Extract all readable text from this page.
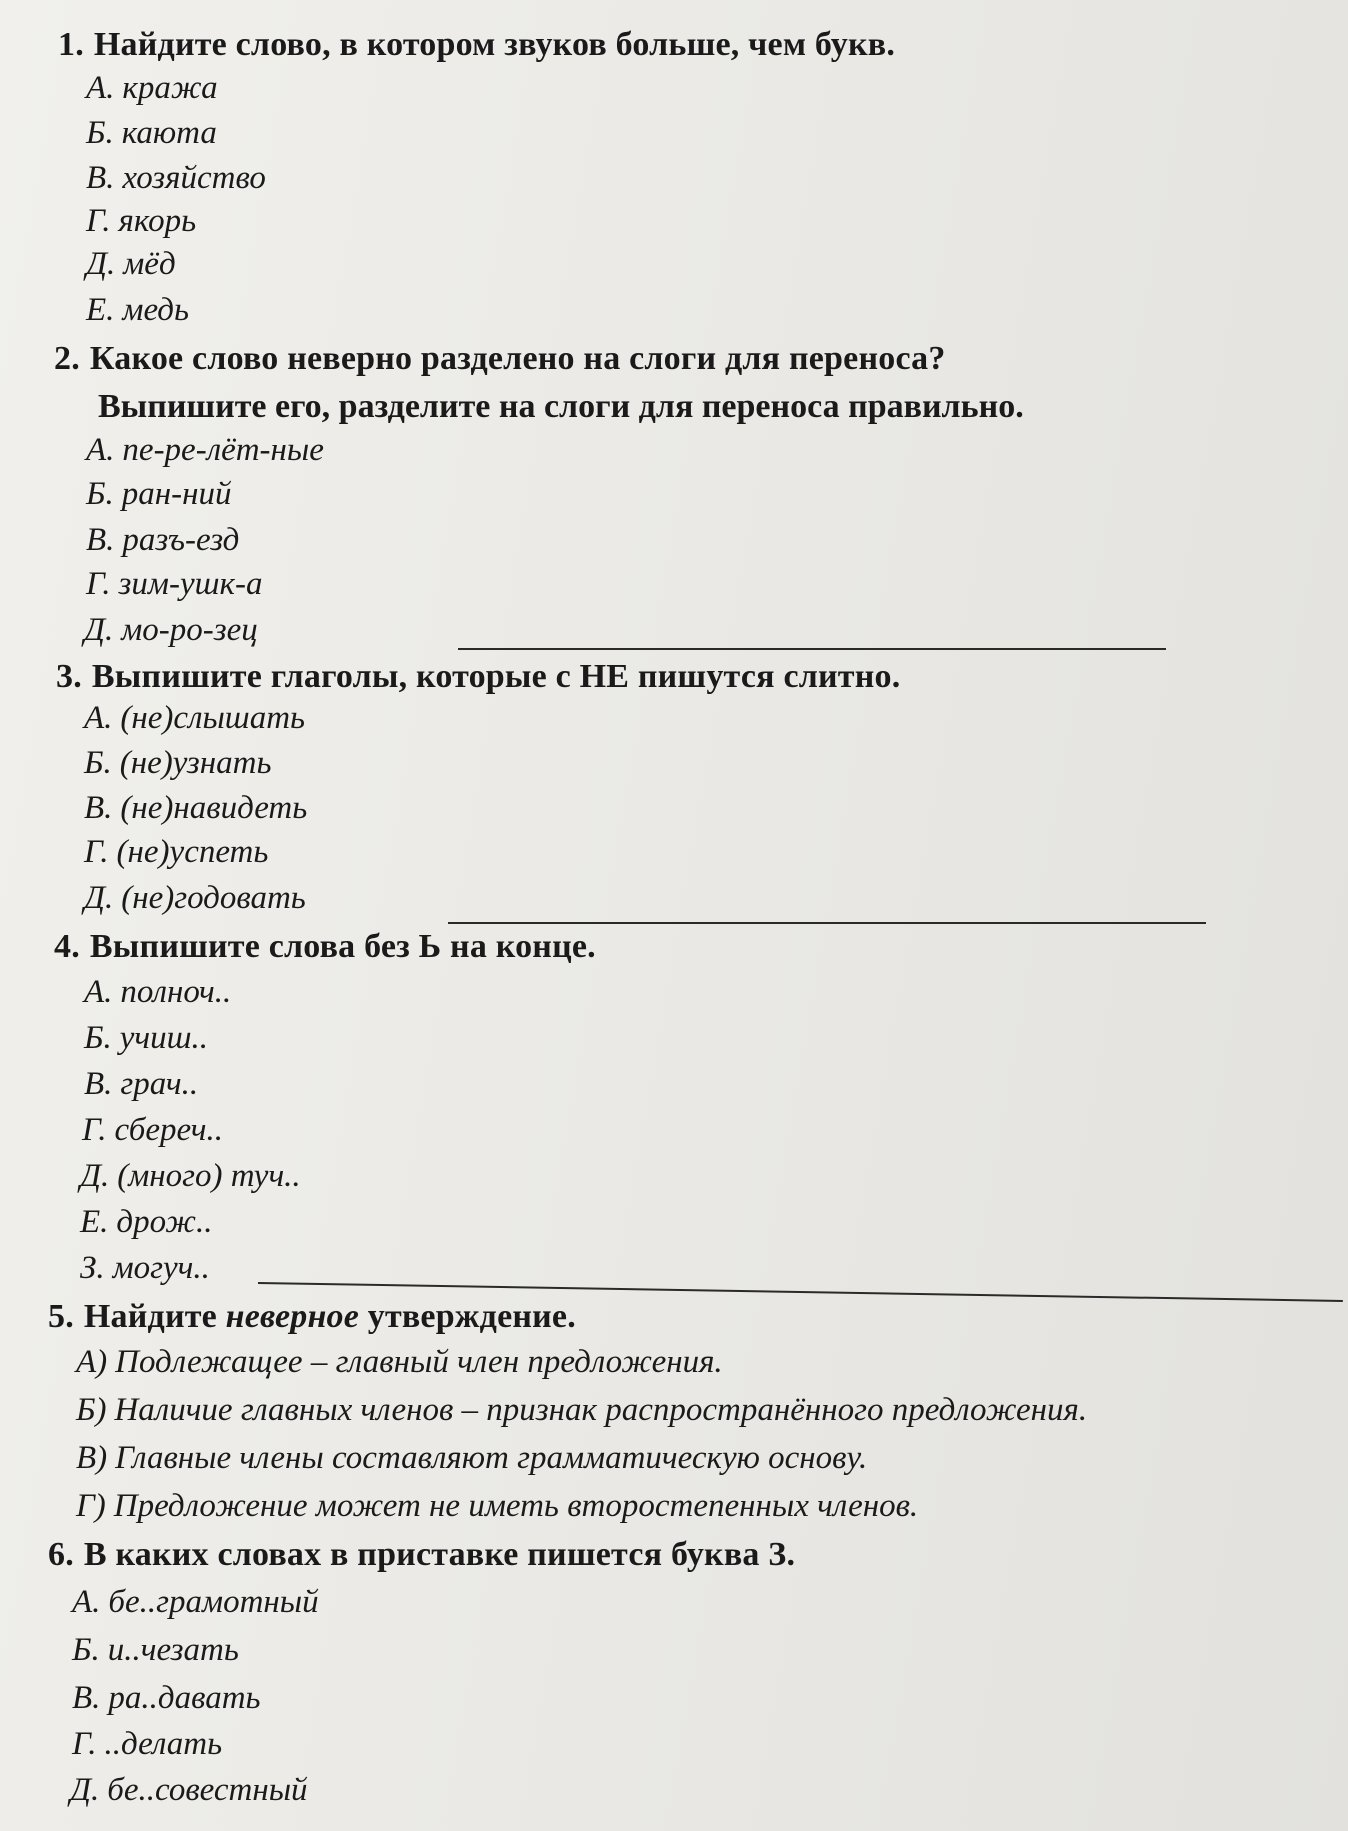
1. Найдите слово, в котором звуков больше, чем букв.
А. кража
Б. каюта
В. хозяйство
Г. якорь
Д. мёд
Е. медь
2. Какое слово неверно разделено на слоги для переноса?
Выпишите его, разделите на слоги для переноса правильно.
А. пе-ре-лёт-ные
Б. ран-ний
В. разъ-езд
Г. зим-ушк-а
Д. мо-ро-зец
3. Выпишите глаголы, которые с НЕ пишутся слитно.
А. (не)слышать
Б. (не)узнать
В. (не)навидеть
Г. (не)успеть
Д. (не)годовать
4. Выпишите слова без Ь на конце.
А. полноч..
Б. учиш..
В. грач..
Г. сбереч..
Д. (много) туч..
Е. дрож..
З. могуч..
5. Найдите неверное утверждение.
А) Подлежащее – главный член предложения.
Б) Наличие главных членов – признак распространённого предложения.
В) Главные члены составляют грамматическую основу.
Г) Предложение может не иметь второстепенных членов.
6. В каких словах в приставке пишется буква З.
А. бе..грамотный
Б. и..чезать
В. ра..давать
Г. ..делать
Д. бе..совестный
